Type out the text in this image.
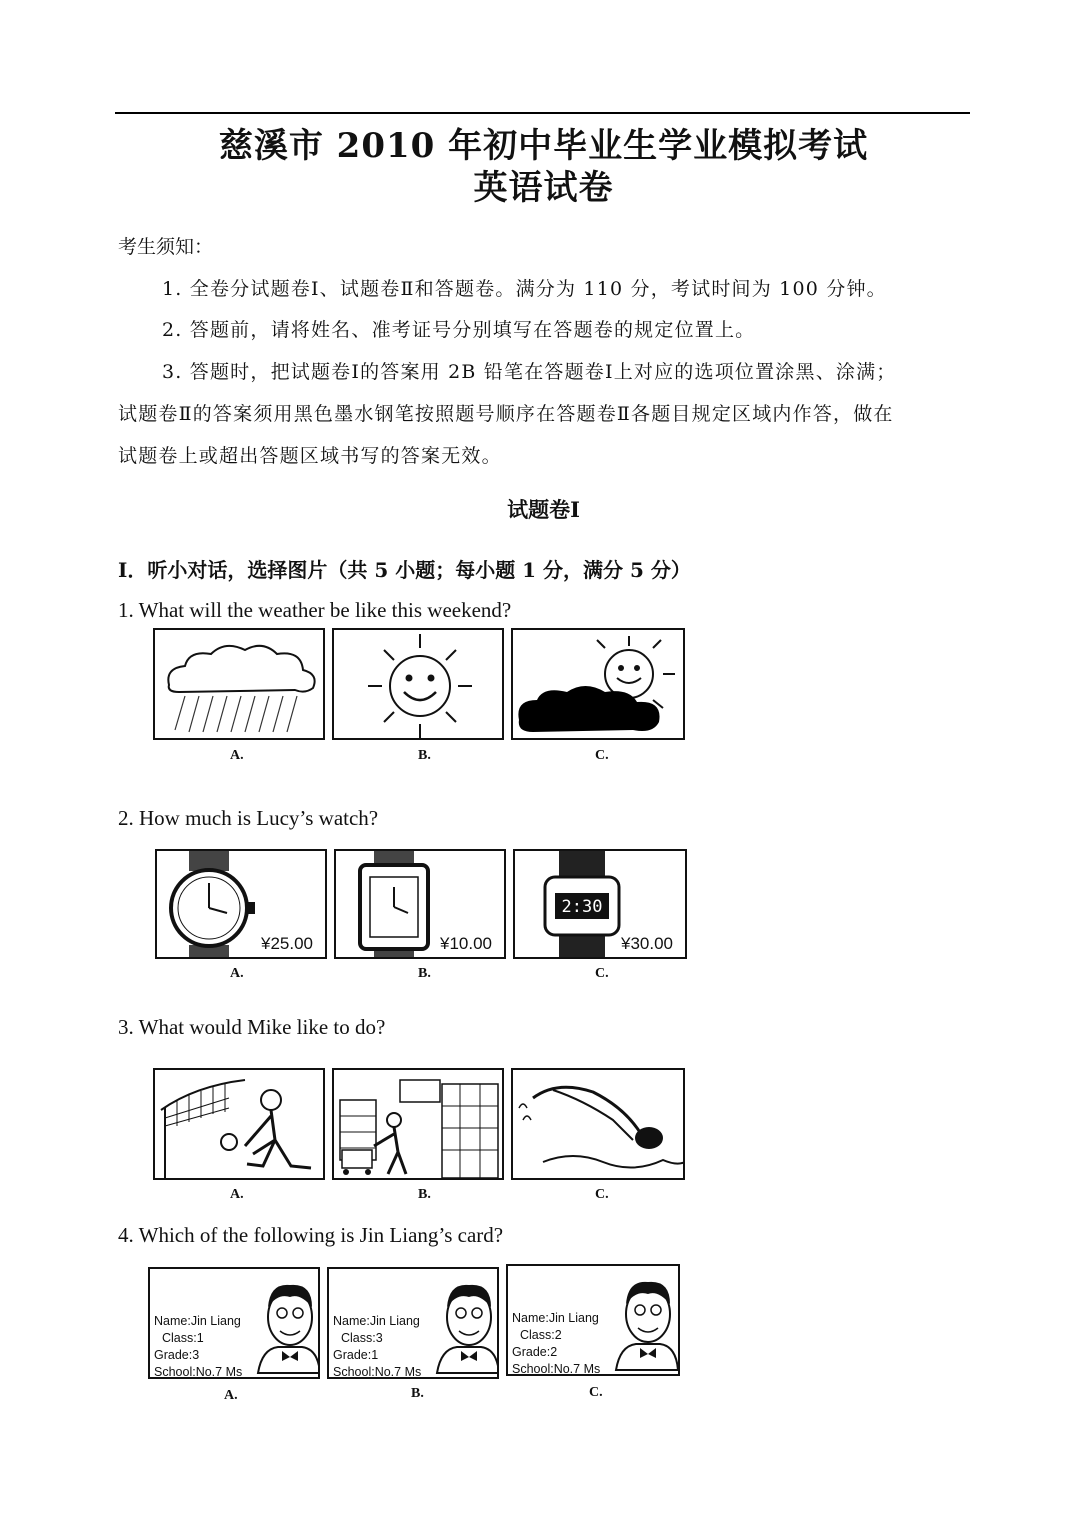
慈溪市 2010 年初中毕业生学业模拟考试
英语试卷
考生须知：
1. 全卷分试题卷Ⅰ、试题卷Ⅱ和答题卷。满分为 110 分，考试时间为 100 分钟。
2. 答题前，请将姓名、准考证号分别填写在答题卷的规定位置上。
3. 答题时，把试题卷Ⅰ的答案用 2B 铅笔在答题卷Ⅰ上对应的选项位置涂黑、涂满；
试题卷Ⅱ的答案须用黑色墨水钢笔按照题号顺序在答题卷Ⅱ各题目规定区域内作答，做在
试题卷上或超出答题区域书写的答案无效。
试题卷Ⅰ
Ⅰ．听小对话，选择图片（共 5 小题；每小题 1 分，满分 5 分）
1. What will the weather be like this weekend?
A.	B.	C.
2. How much is Lucy’s watch?
¥25.00	¥10.00
2:30
¥30.00
A.	B.	C.
3. What would Mike like to do?
A.	B.	C.
4. Which of the following is Jin Liang’s card?
Name:Jin Liang
Class:1
Grade:3
School:No.7 Ms
Name:Jin Liang
Class:3
Grade:1
School:No.7 Ms
Name:Jin Liang
Class:2
Grade:2
School:No.7 Ms
A.	B.	C.
